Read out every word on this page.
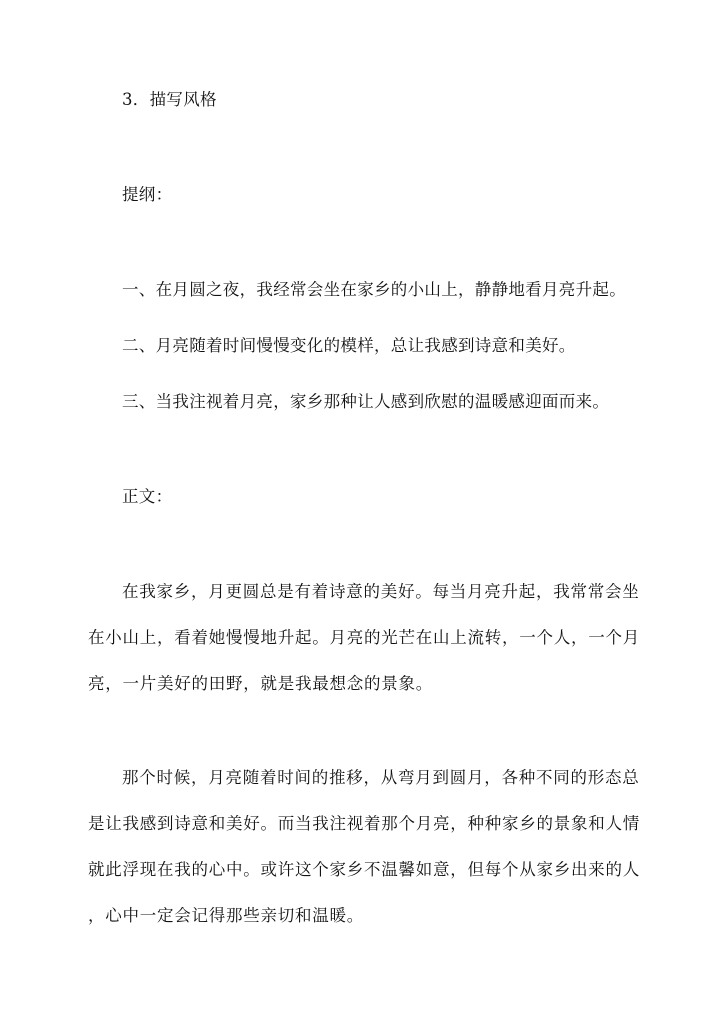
3．描写风格
提纲：
一、在月圆之夜，我经常会坐在家乡的小山上，静静地看月亮升起。
二、月亮随着时间慢慢变化的模样，总让我感到诗意和美好。
三、当我注视着月亮，家乡那种让人感到欣慰的温暖感迎面而来。
正文：
在我家乡，月更圆总是有着诗意的美好。每当月亮升起，我常常会坐
在小山上，看着她慢慢地升起。月亮的光芒在山上流转，一个人，一个月
亮，一片美好的田野，就是我最想念的景象。
那个时候，月亮随着时间的推移，从弯月到圆月，各种不同的形态总
是让我感到诗意和美好。而当我注视着那个月亮，种种家乡的景象和人情
就此浮现在我的心中。或许这个家乡不温馨如意，但每个从家乡出来的人
，心中一定会记得那些亲切和温暖。
